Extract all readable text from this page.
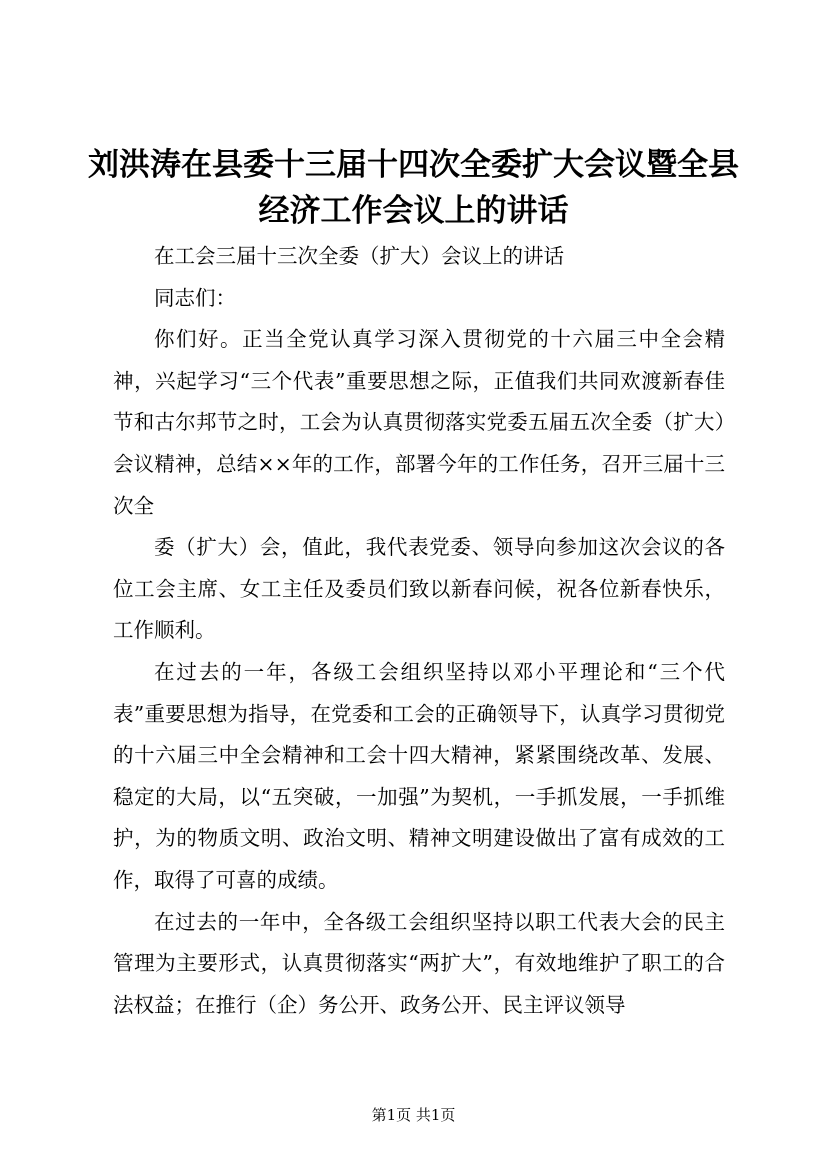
刘洪涛在县委十三届十四次全委扩大会议暨全县经济工作会议上的讲话

在工会三届十三次全委（扩大）会议上的讲话

同志们：

你们好。正当全党认真学习深入贯彻党的十六届三中全会精神，兴起学习“三个代表”重要思想之际，正值我们共同欢渡新春佳节和古尔邦节之时，工会为认真贯彻落实党委五届五次全委（扩大）会议精神，总结××年的工作，部署今年的工作任务，召开三届十三次全

委（扩大）会，值此，我代表党委、领导向参加这次会议的各位工会主席、女工主任及委员们致以新春问候，祝各位新春快乐，工作顺利。

在过去的一年，各级工会组织坚持以邓小平理论和“三个代表”重要思想为指导，在党委和工会的正确领导下，认真学习贯彻党的十六届三中全会精神和工会十四大精神，紧紧围绕改革、发展、稳定的大局，以“五突破，一加强”为契机，一手抓发展，一手抓维护，为的物质文明、政治文明、精神文明建设做出了富有成效的工作，取得了可喜的成绩。

在过去的一年中，全各级工会组织坚持以职工代表大会的民主管理为主要形式，认真贯彻落实“两扩大”，有效地维护了职工的合法权益；在推行（企）务公开、政务公开、民主评议领导

第1页 共1页
